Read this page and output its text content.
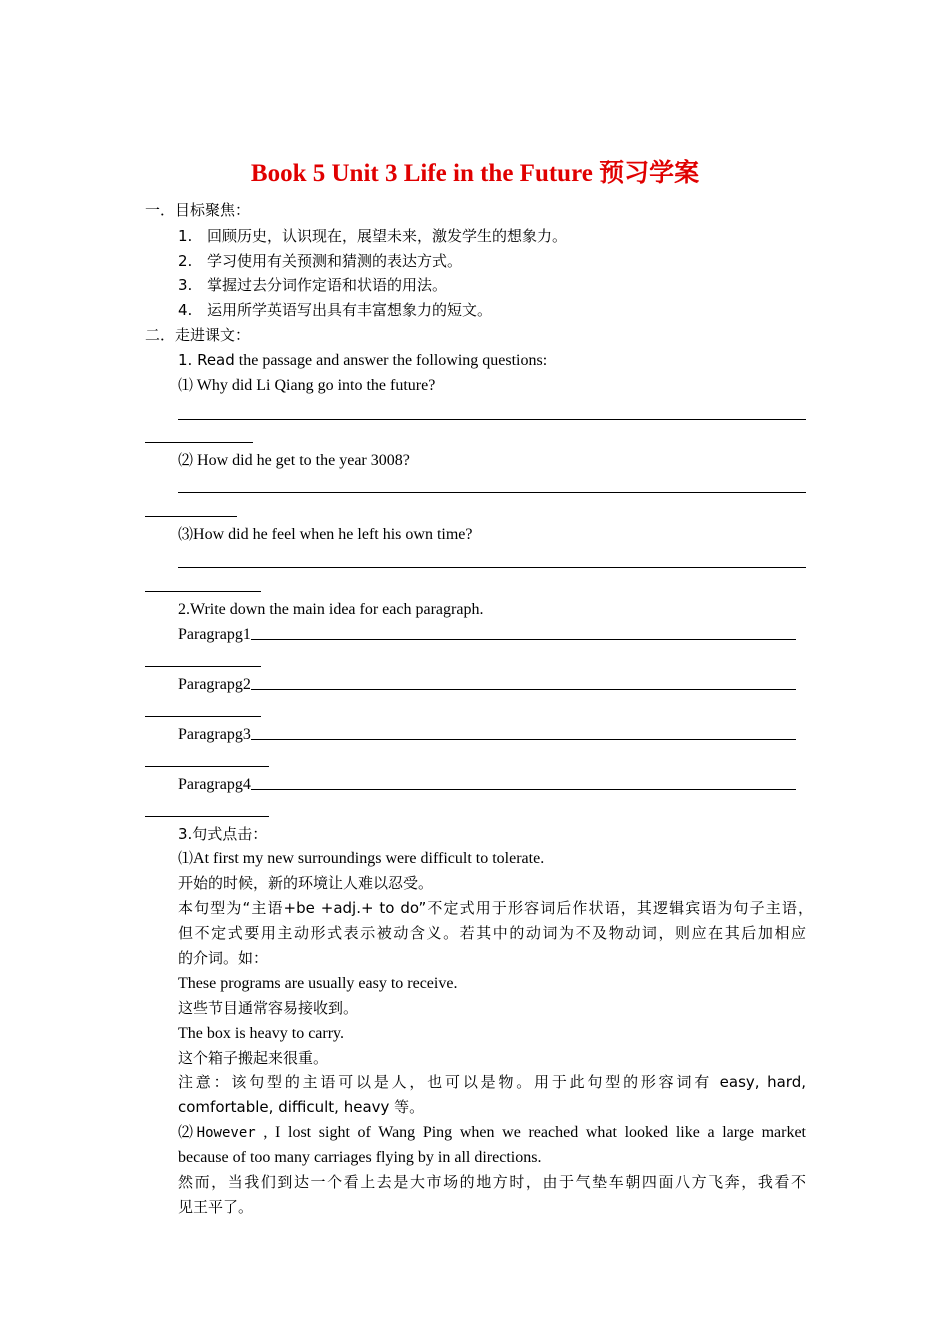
Book 5 Unit 3 Life in the Future 预习学案
一．目标聚焦：
1. 回顾历史，认识现在，展望未来，激发学生的想象力。
2. 学习使用有关预测和猜测的表达方式。
3. 掌握过去分词作定语和状语的用法。
4. 运用所学英语写出具有丰富想象力的短文。
二．走进课文：
1. Read the passage and answer the following questions:
⑴ Why did Li Qiang go into the future?
⑵ How did he get to the year 3008?
⑶How did he feel when he left his own time?
2.Write down the main idea for each paragraph.
Paragrapg1
Paragrapg2
Paragrapg3
Paragrapg4
3.句式点击：
⑴At first my new surroundings were difficult to tolerate.
开始的时候，新的环境让人难以忍受。
本句型为“主语+be +adj.+ to do”不定式用于形容词后作状语，其逻辑宾语为句子主语，
但不定式要用主动形式表示被动含义。若其中的动词为不及物动词，则应在其后加相应
的介词。如：
These programs are usually easy to receive.
这些节目通常容易接收到。
The box is heavy to carry.
这个箱子搬起来很重。
注意：该句型的主语可以是人，也可以是物。用于此句型的形容词有 easy, hard,
comfortable, difficult, heavy 等。
⑵However , I lost sight of Wang Ping when we reached what looked like a large market
because of too many carriages flying by in all directions.
然而，当我们到达一个看上去是大市场的地方时，由于气垫车朝四面八方飞奔，我看不
见王平了。
